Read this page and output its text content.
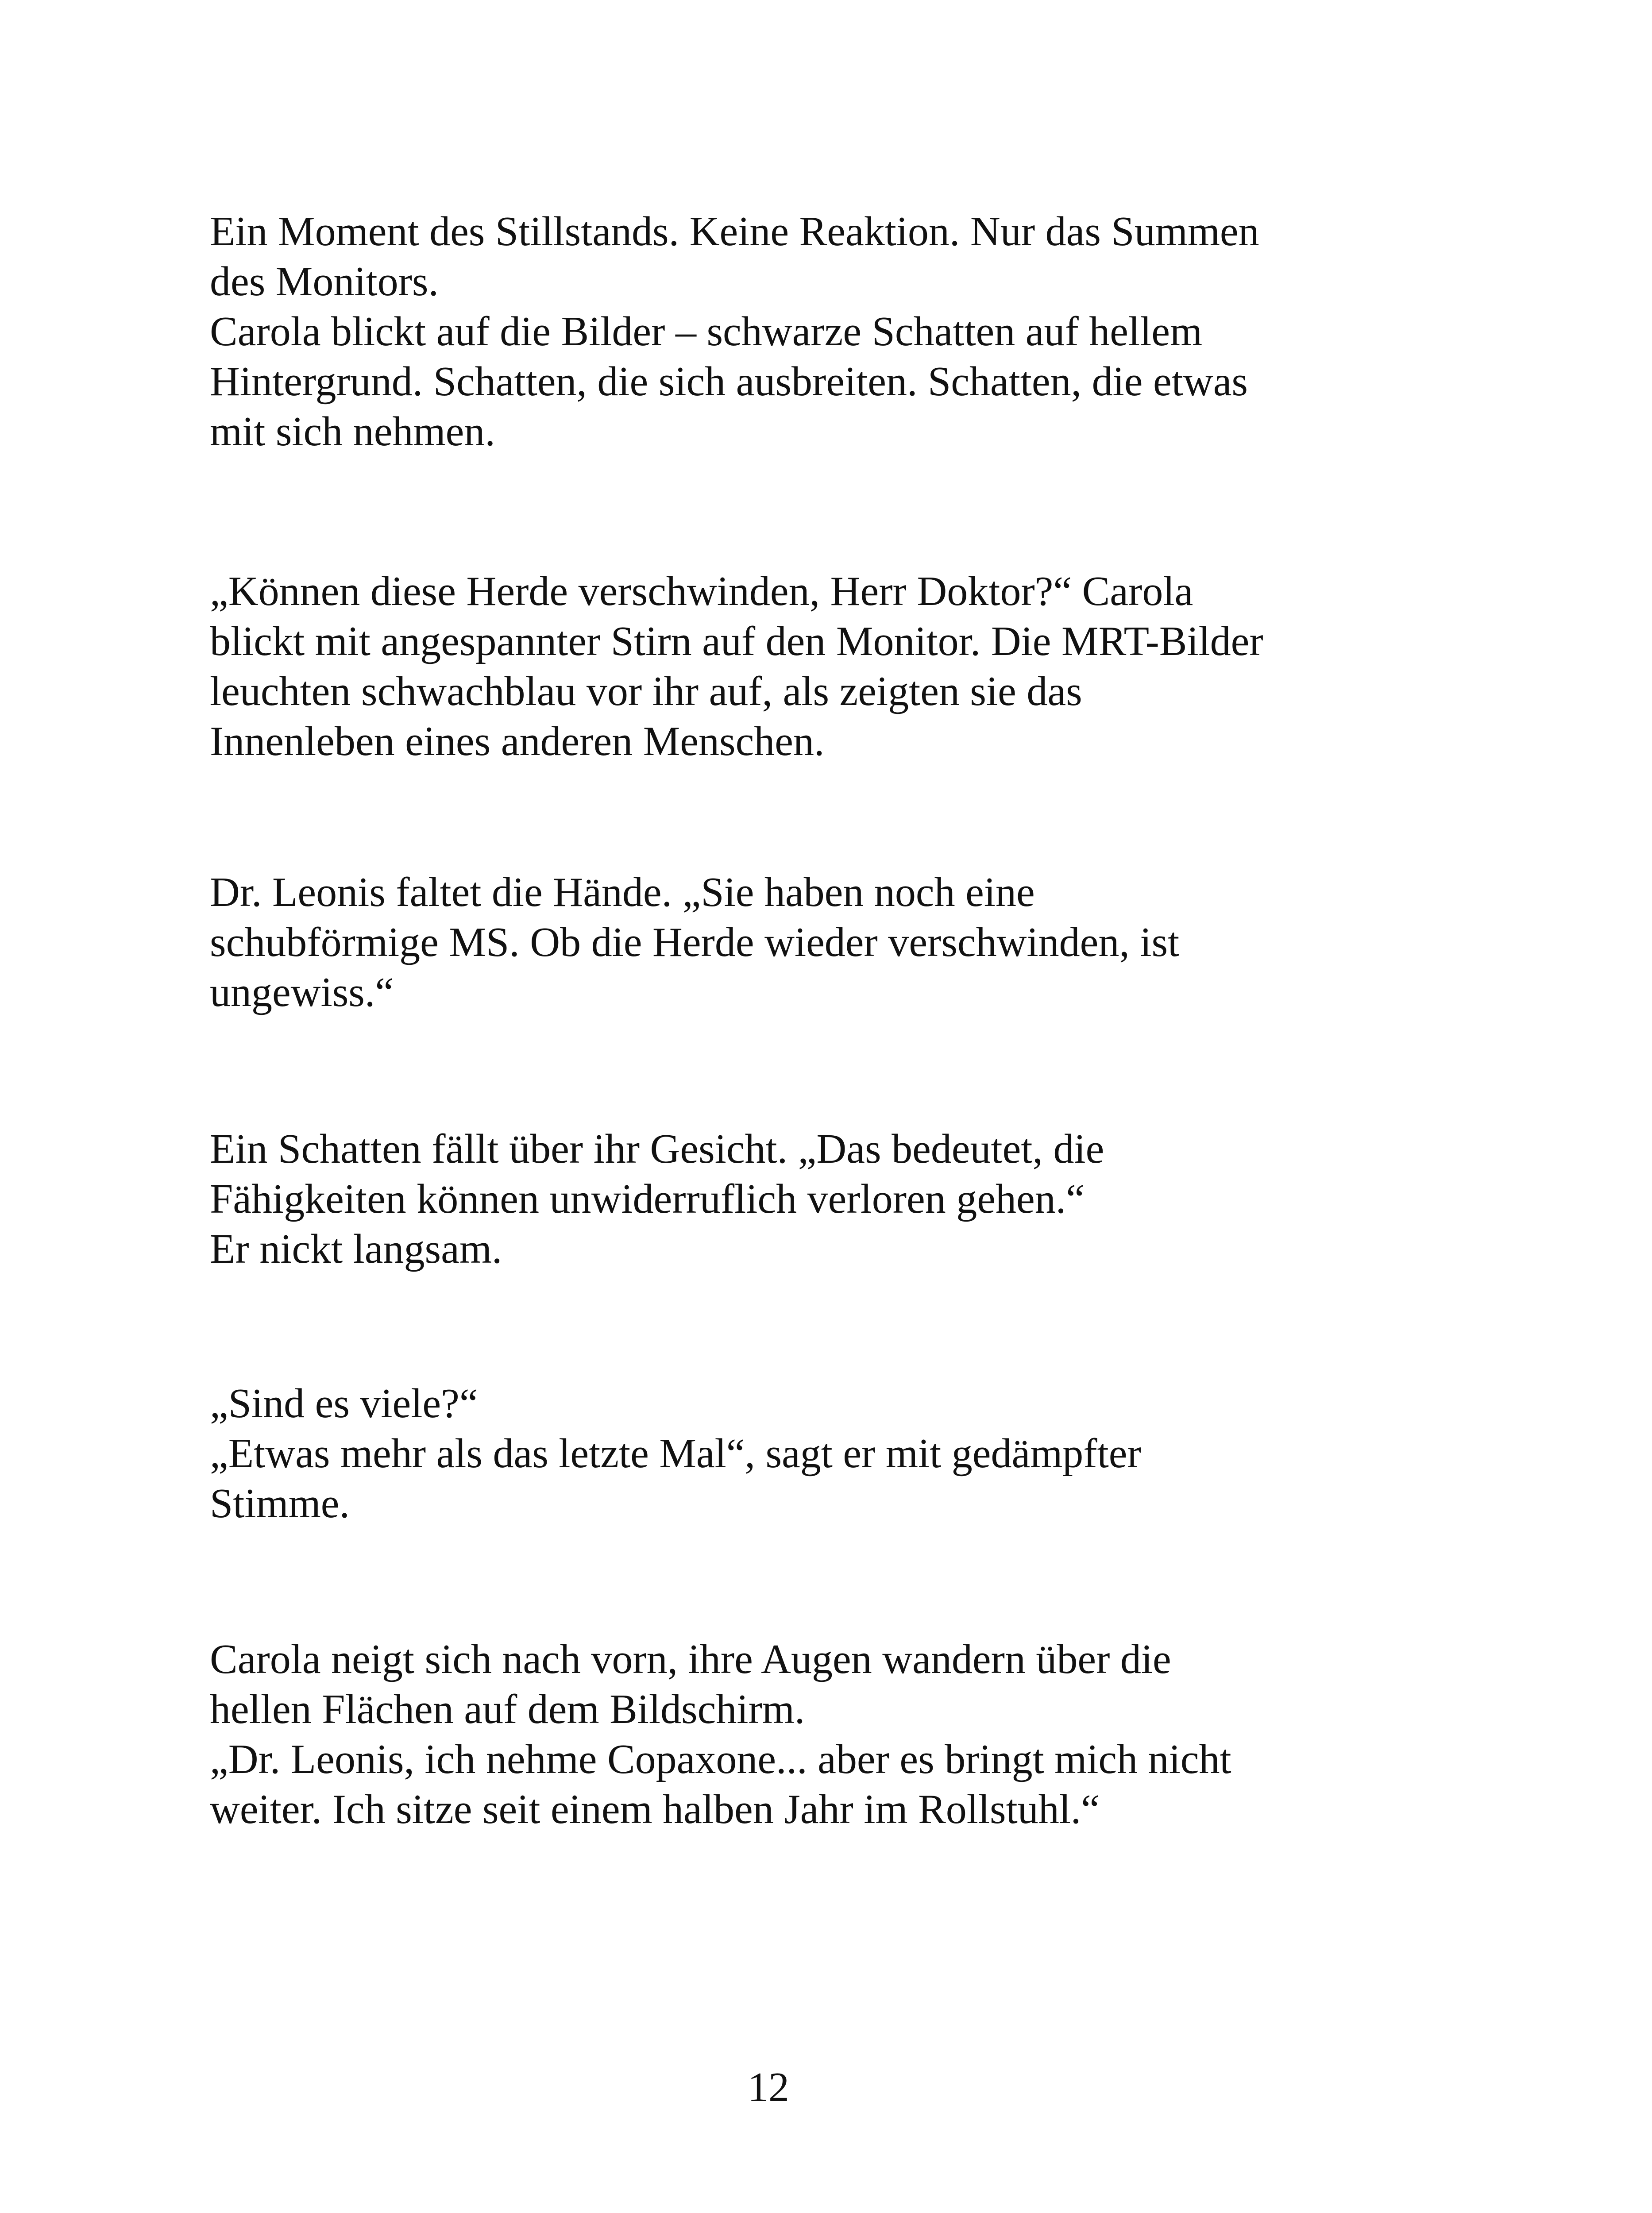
Ein Moment des Stillstands. Keine Reaktion. Nur das Summen
des Monitors.
Carola blickt auf die Bilder – schwarze Schatten auf hellem
Hintergrund. Schatten, die sich ausbreiten. Schatten, die etwas
mit sich nehmen.

„Können diese Herde verschwinden, Herr Doktor?“ Carola
blickt mit angespannter Stirn auf den Monitor. Die MRT-Bilder
leuchten schwachblau vor ihr auf, als zeigten sie das
Innenleben eines anderen Menschen.

Dr. Leonis faltet die Hände. „Sie haben noch eine
schubförmige MS. Ob die Herde wieder verschwinden, ist
ungewiss.“

Ein Schatten fällt über ihr Gesicht. „Das bedeutet, die
Fähigkeiten können unwiderruflich verloren gehen.“
Er nickt langsam.

„Sind es viele?“
„Etwas mehr als das letzte Mal“, sagt er mit gedämpfter
Stimme.

Carola neigt sich nach vorn, ihre Augen wandern über die
hellen Flächen auf dem Bildschirm.
„Dr. Leonis, ich nehme Copaxone... aber es bringt mich nicht
weiter. Ich sitze seit einem halben Jahr im Rollstuhl.“

12
